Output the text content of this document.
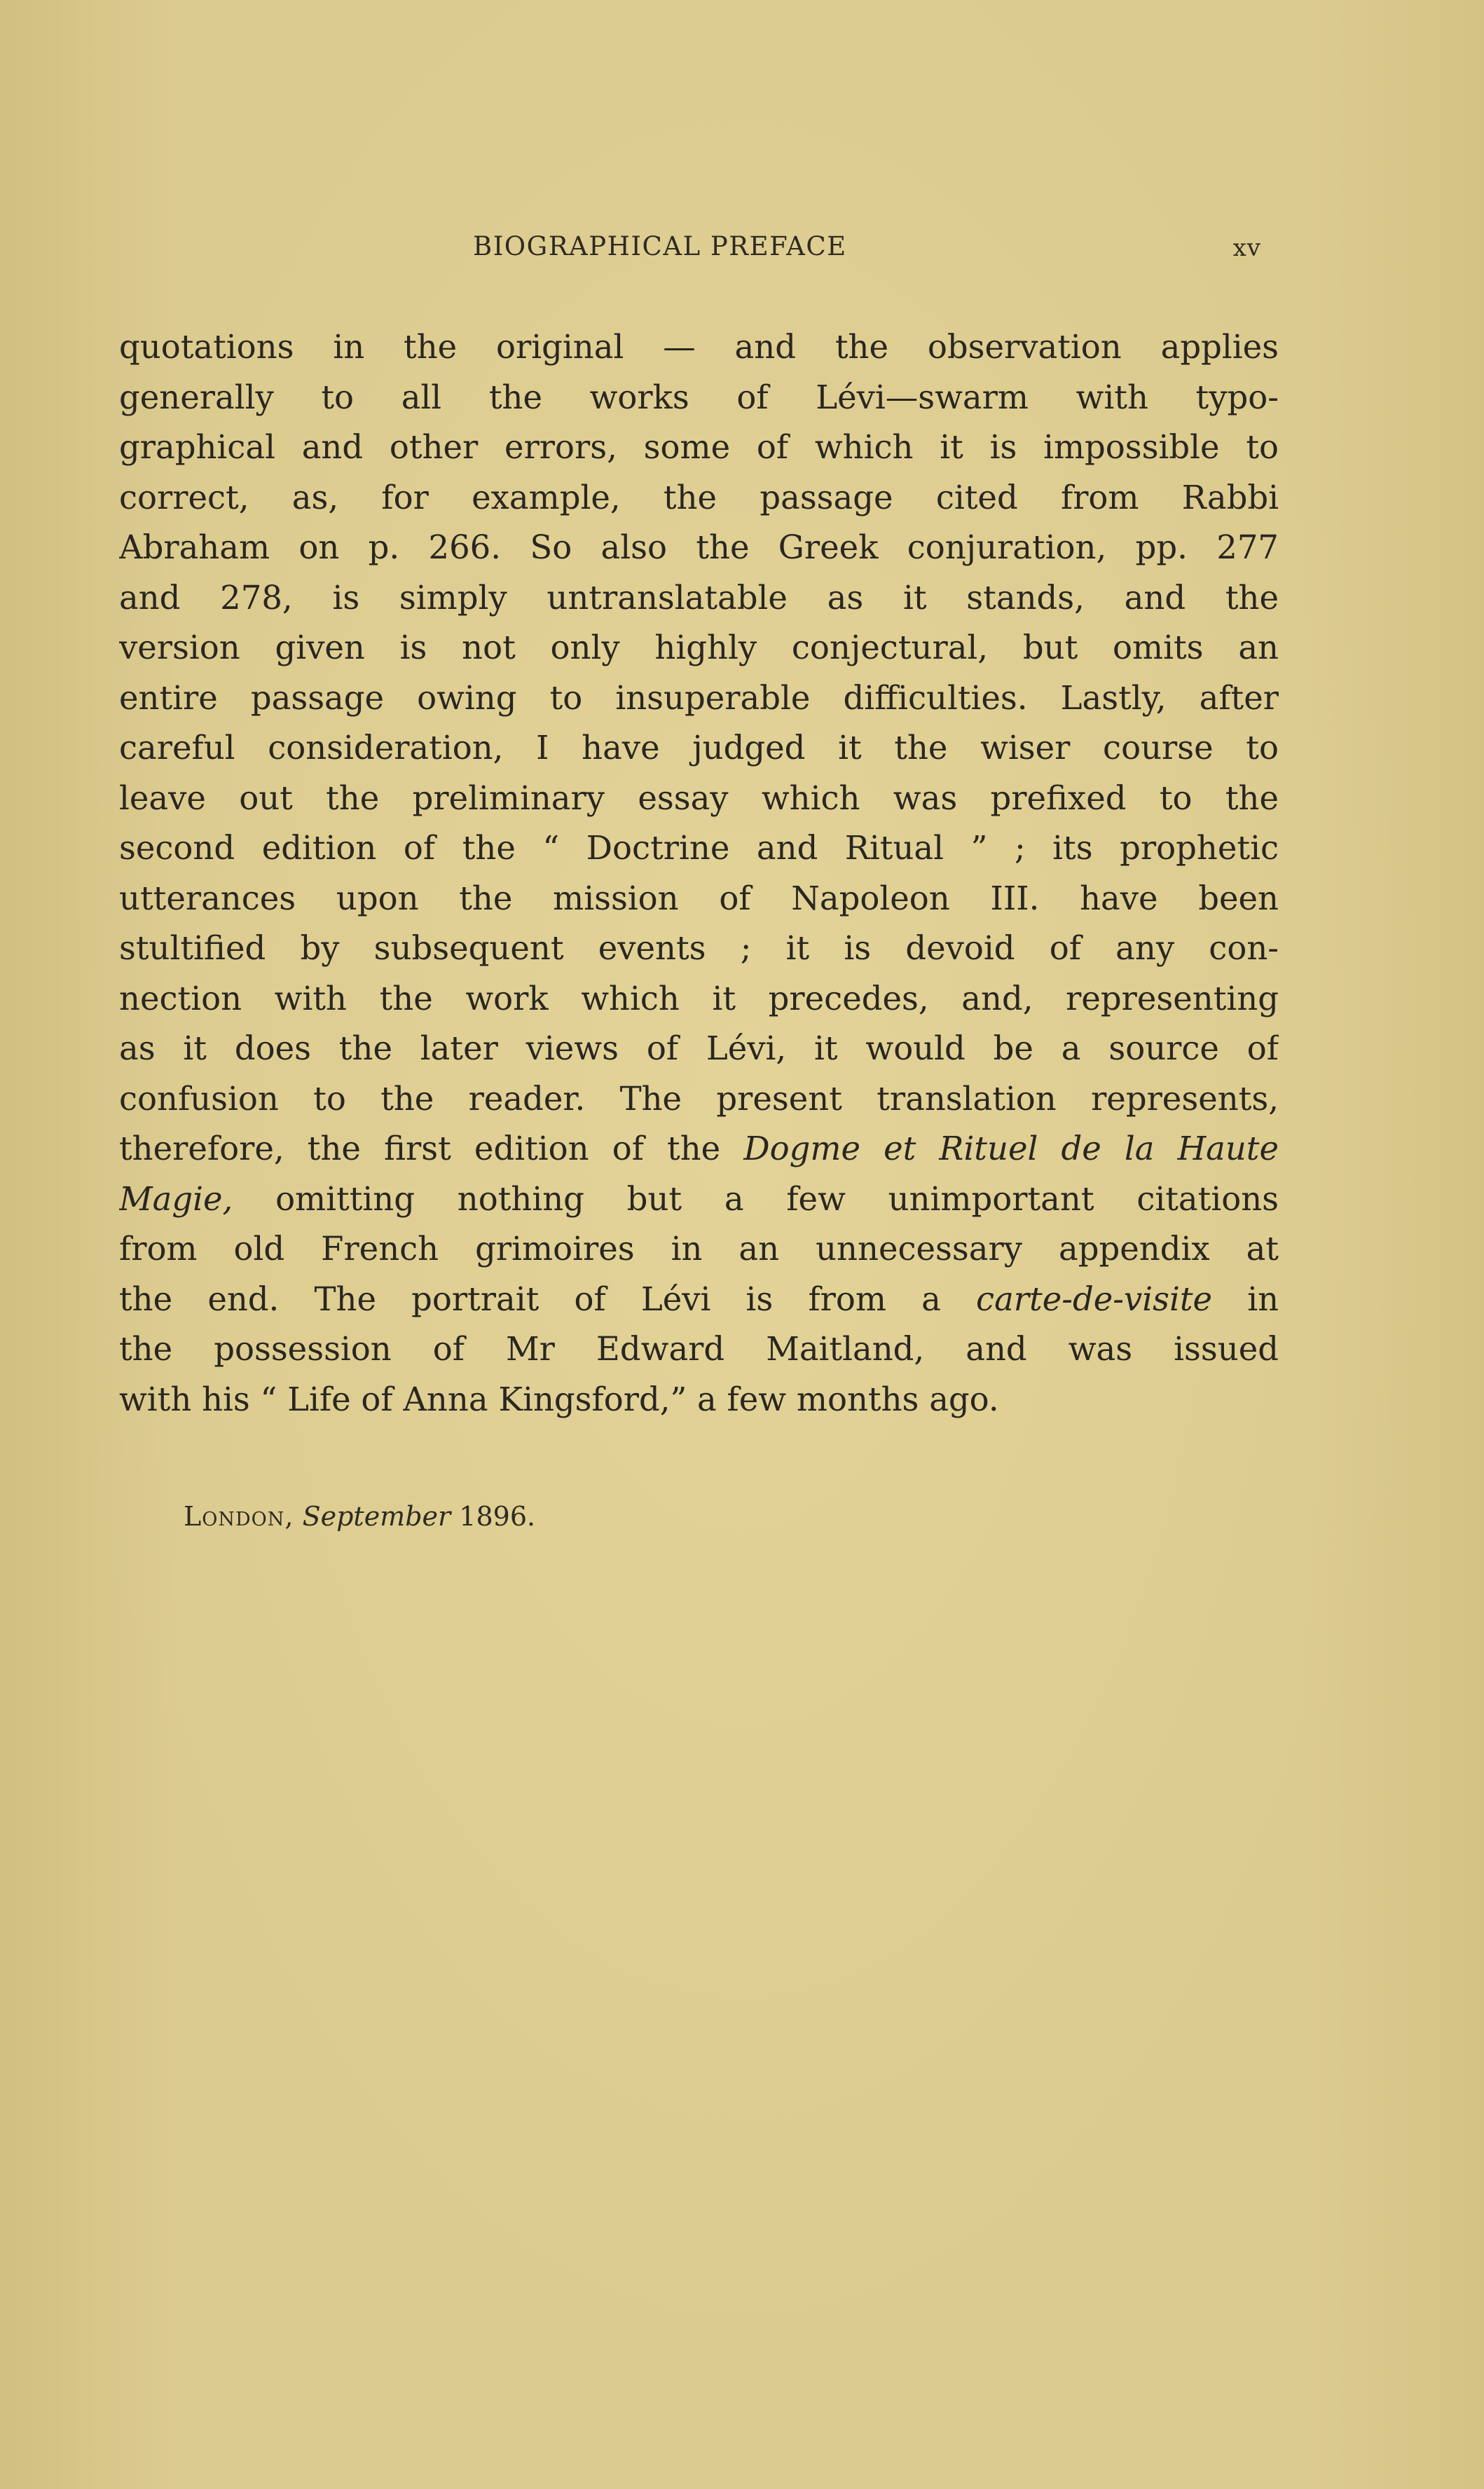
BIOGRAPHICAL PREFACE	xv
quotations in the original — and the observation applies
generally to all the works of Lévi—swarm with typo-
graphical and other errors, some of which it is impossible to
correct, as, for example, the passage cited from Rabbi
Abraham on p. 266. So also the Greek conjuration, pp. 277
and 278, is simply untranslatable as it stands, and the
version given is not only highly conjectural, but omits an
entire passage owing to insuperable difficulties. Lastly, after
careful consideration, I have judged it the wiser course to
leave out the preliminary essay which was prefixed to the
second edition of the “ Doctrine and Ritual ” ; its prophetic
utterances upon the mission of Napoleon III. have been
stultified by subsequent events ; it is devoid of any con-
nection with the work which it precedes, and, representing
as it does the later views of Lévi, it would be a source of
confusion to the reader. The present translation represents,
therefore, the first edition of the Dogme et Rituel de la Haute
Magie, omitting nothing but a few unimportant citations
from old French grimoires in an unnecessary appendix at
the end. The portrait of Lévi is from a carte-de-visite in
the possession of Mr Edward Maitland, and was issued
with his “ Life of Anna Kingsford,” a few months ago.
London, September 1896.
